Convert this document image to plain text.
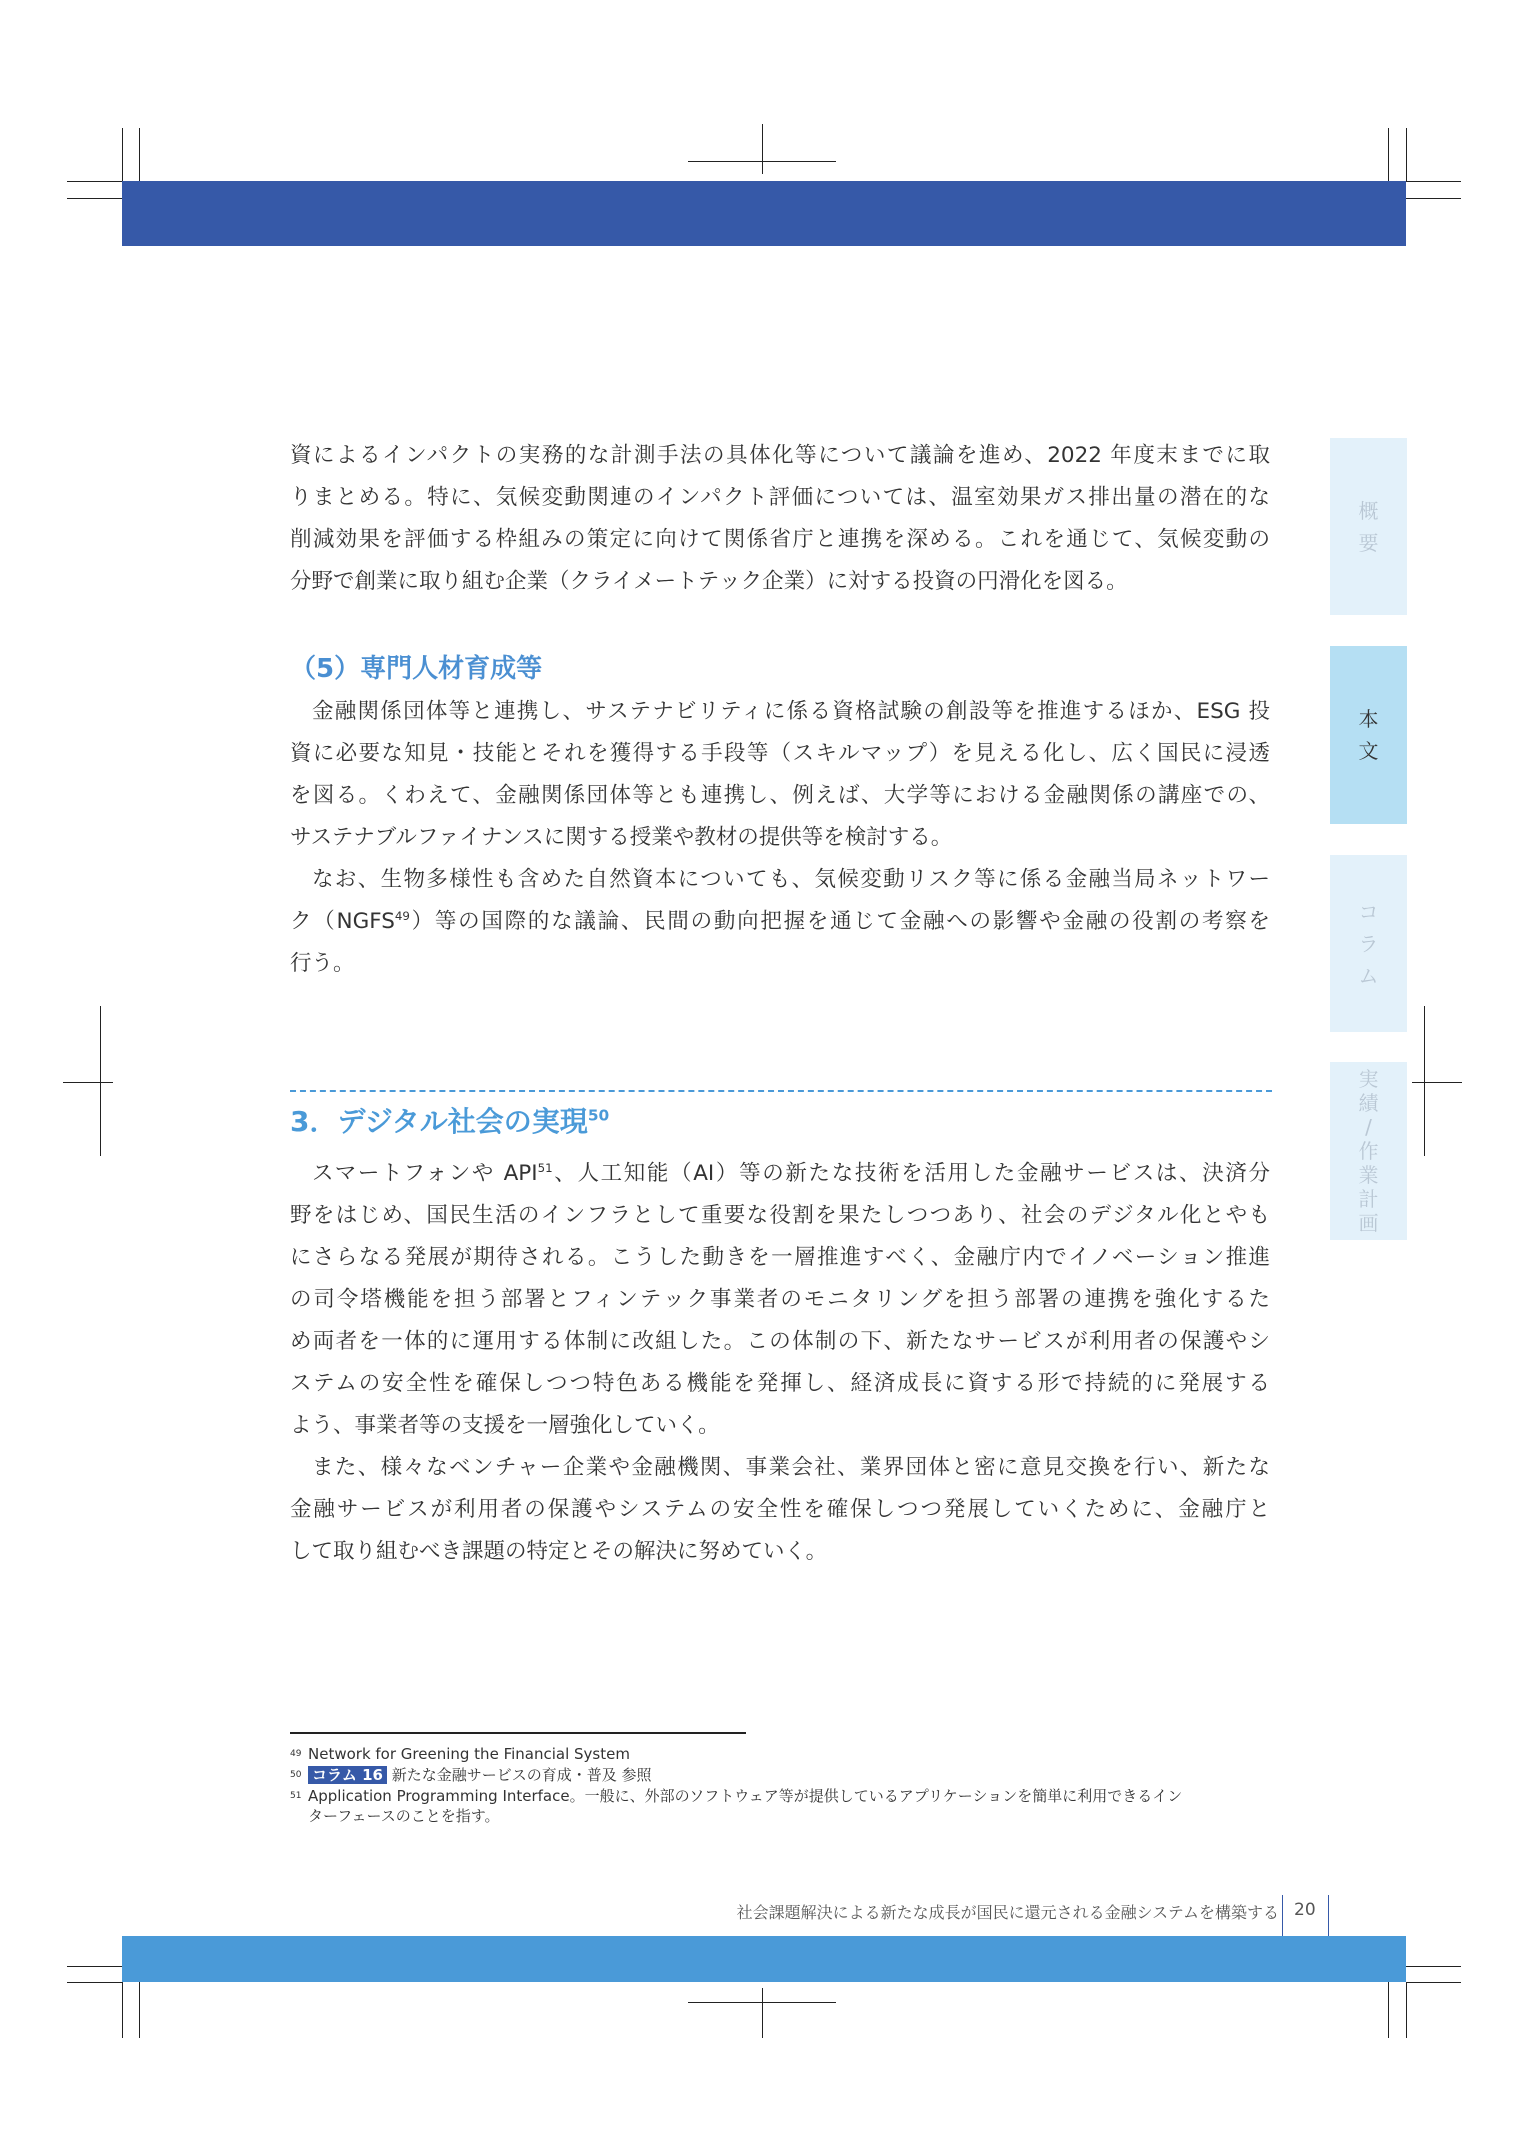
資によるインパクトの実務的な計測手法の具体化等について議論を進め、2022 年度末までに取
りまとめる。特に、気候変動関連のインパクト評価については、温室効果ガス排出量の潜在的な
削減効果を評価する枠組みの策定に向けて関係省庁と連携を深める。これを通じて、気候変動の
分野で創業に取り組む企業（クライメートテック企業）に対する投資の円滑化を図る。
（5）専門人材育成等
金融関係団体等と連携し、サステナビリティに係る資格試験の創設等を推進するほか、ESG 投
資に必要な知見・技能とそれを獲得する手段等（スキルマップ）を見える化し、広く国民に浸透
を図る。くわえて、金融関係団体等とも連携し、例えば、大学等における金融関係の講座での、
サステナブルファイナンスに関する授業や教材の提供等を検討する。
なお、生物多様性も含めた自然資本についても、気候変動リスク等に係る金融当局ネットワー
ク（NGFS$^{49}$）等の国際的な議論、民間の動向把握を通じて金融への影響や金融の役割の考察を
行う。
3．デジタル社会の実現$^{50}$
スマートフォンや API$^{51}$、人工知能（AI）等の新たな技術を活用した金融サービスは、決済分
野をはじめ、国民生活のインフラとして重要な役割を果たしつつあり、社会のデジタル化とやも
にさらなる発展が期待される。こうした動きを一層推進すべく、金融庁内でイノベーション推進
の司令塔機能を担う部署とフィンテック事業者のモニタリングを担う部署の連携を強化するた
め両者を一体的に運用する体制に改組した。この体制の下、新たなサービスが利用者の保護やシ
ステムの安全性を確保しつつ特色ある機能を発揮し、経済成長に資する形で持続的に発展する
よう、事業者等の支援を一層強化していく。
また、様々なベンチャー企業や金融機関、事業会社、業界団体と密に意見交換を行い、新たな
金融サービスが利用者の保護やシステムの安全性を確保しつつ発展していくために、金融庁と
して取り組むべき課題の特定とその解決に努めていく。
概
要
本
文
コ
ラ
ム
実
績
/
作
業
計
画
49 Network for Greening the Financial System
50 コラム 16 新たな金融サービスの育成・普及 参照
51 Application Programming Interface。一般に、外部のソフトウェア等が提供しているアプリケーションを簡単に利用できるイン
ターフェースのことを指す。
社会課題解決による新たな成長が国民に還元される金融システムを構築する 20
